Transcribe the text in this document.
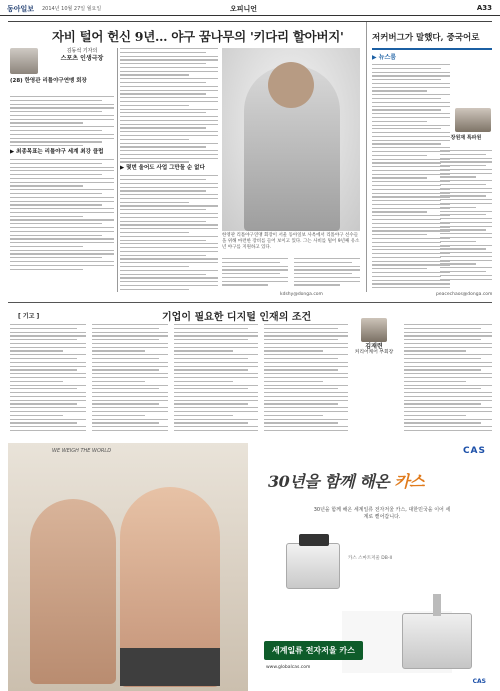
동아일보 2014년 10월 27일 월요일	오피니언	A33
자비 털어 헌신 9년… 야구 꿈나무의 '키다리 할아버지'	저커버그가 말했다, 중국어로
김동석 기자의
스포츠 인생극장
(28) 한영관 리틀야구연맹 회장
▶ 최종목표는 리틀야구 세계 최강 클럽
▶ 몇번 울어도 사업 그만둘 순 없다
한영관 리틀야구연맹 회장이 서울 동아일보 사옥에서 리틀야구 선수들을 위해 마련한 장비를 들어 보이고 있다. 그는 사비를 털어 9년째 유소년 야구를 지원하고 있다.
▶ 뉴스룸
장원재 특파원
peacechaos@donga.com
kdshy@donga.com
[ 기고 ]	기업이 필요한 디지털 인재의 조건
김재련
커리어케어 부회장
WE WEIGH THE WORLD	CAS
30년을 함께 해온 카스
30년을 함께 해온 세계일류 전자저울 카스, 대한민국을 이어 세계로 뻗어갑니다.
카스 스마트저울 DB-II
세계일류 전자저울 카스
www.globalcas.com
CAS
